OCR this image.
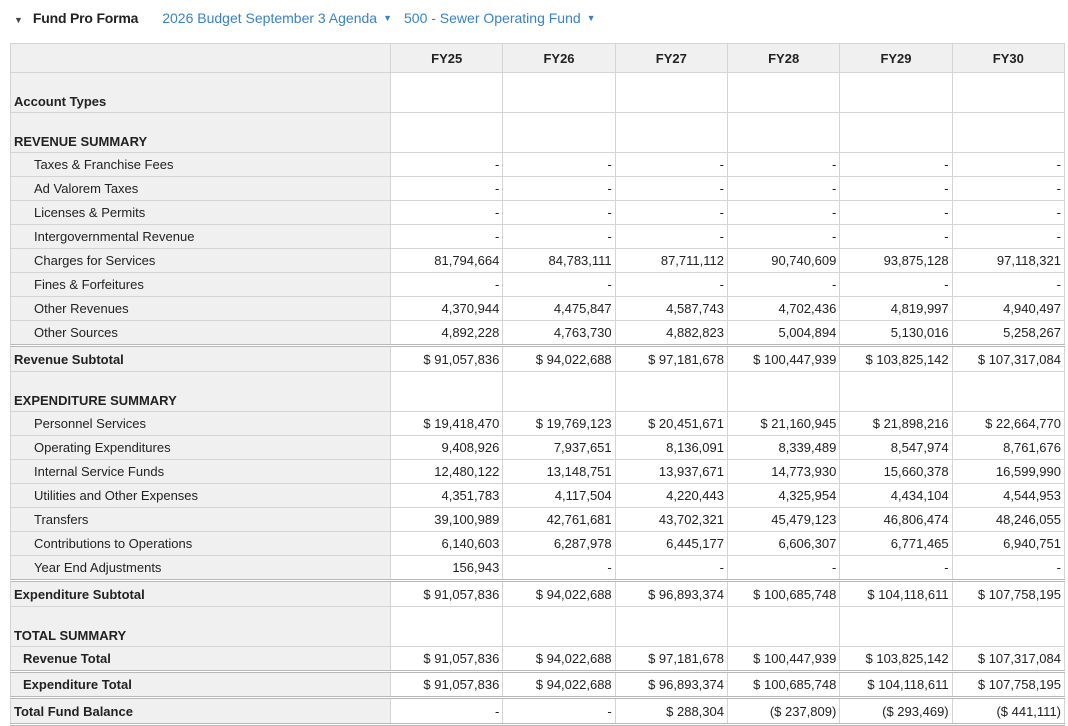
▼ Fund Pro Forma 2026 Budget September 3 Agenda ▼ 500 - Sewer Operating Fund ▼
	FY25	FY26	FY27	FY28	FY29	FY30
Account Types						
REVENUE SUMMARY						
Taxes & Franchise Fees	-	-	-	-	-	-
Ad Valorem Taxes	-	-	-	-	-	-
Licenses & Permits	-	-	-	-	-	-
Intergovernmental Revenue	-	-	-	-	-	-
Charges for Services	81,794,664	84,783,111	87,711,112	90,740,609	93,875,128	97,118,321
Fines & Forfeitures	-	-	-	-	-	-
Other Revenues	4,370,944	4,475,847	4,587,743	4,702,436	4,819,997	4,940,497
Other Sources	4,892,228	4,763,730	4,882,823	5,004,894	5,130,016	5,258,267
Revenue Subtotal	$ 91,057,836	$ 94,022,688	$ 97,181,678	$ 100,447,939	$ 103,825,142	$ 107,317,084
EXPENDITURE SUMMARY						
Personnel Services	$ 19,418,470	$ 19,769,123	$ 20,451,671	$ 21,160,945	$ 21,898,216	$ 22,664,770
Operating Expenditures	9,408,926	7,937,651	8,136,091	8,339,489	8,547,974	8,761,676
Internal Service Funds	12,480,122	13,148,751	13,937,671	14,773,930	15,660,378	16,599,990
Utilities and Other Expenses	4,351,783	4,117,504	4,220,443	4,325,954	4,434,104	4,544,953
Transfers	39,100,989	42,761,681	43,702,321	45,479,123	46,806,474	48,246,055
Contributions to Operations	6,140,603	6,287,978	6,445,177	6,606,307	6,771,465	6,940,751
Year End Adjustments	156,943	-	-	-	-	-
Expenditure Subtotal	$ 91,057,836	$ 94,022,688	$ 96,893,374	$ 100,685,748	$ 104,118,611	$ 107,758,195
TOTAL SUMMARY						
Revenue Total	$ 91,057,836	$ 94,022,688	$ 97,181,678	$ 100,447,939	$ 103,825,142	$ 107,317,084
Expenditure Total	$ 91,057,836	$ 94,022,688	$ 96,893,374	$ 100,685,748	$ 104,118,611	$ 107,758,195
Total Fund Balance	-	-	$ 288,304	($ 237,809)	($ 293,469)	($ 441,111)
